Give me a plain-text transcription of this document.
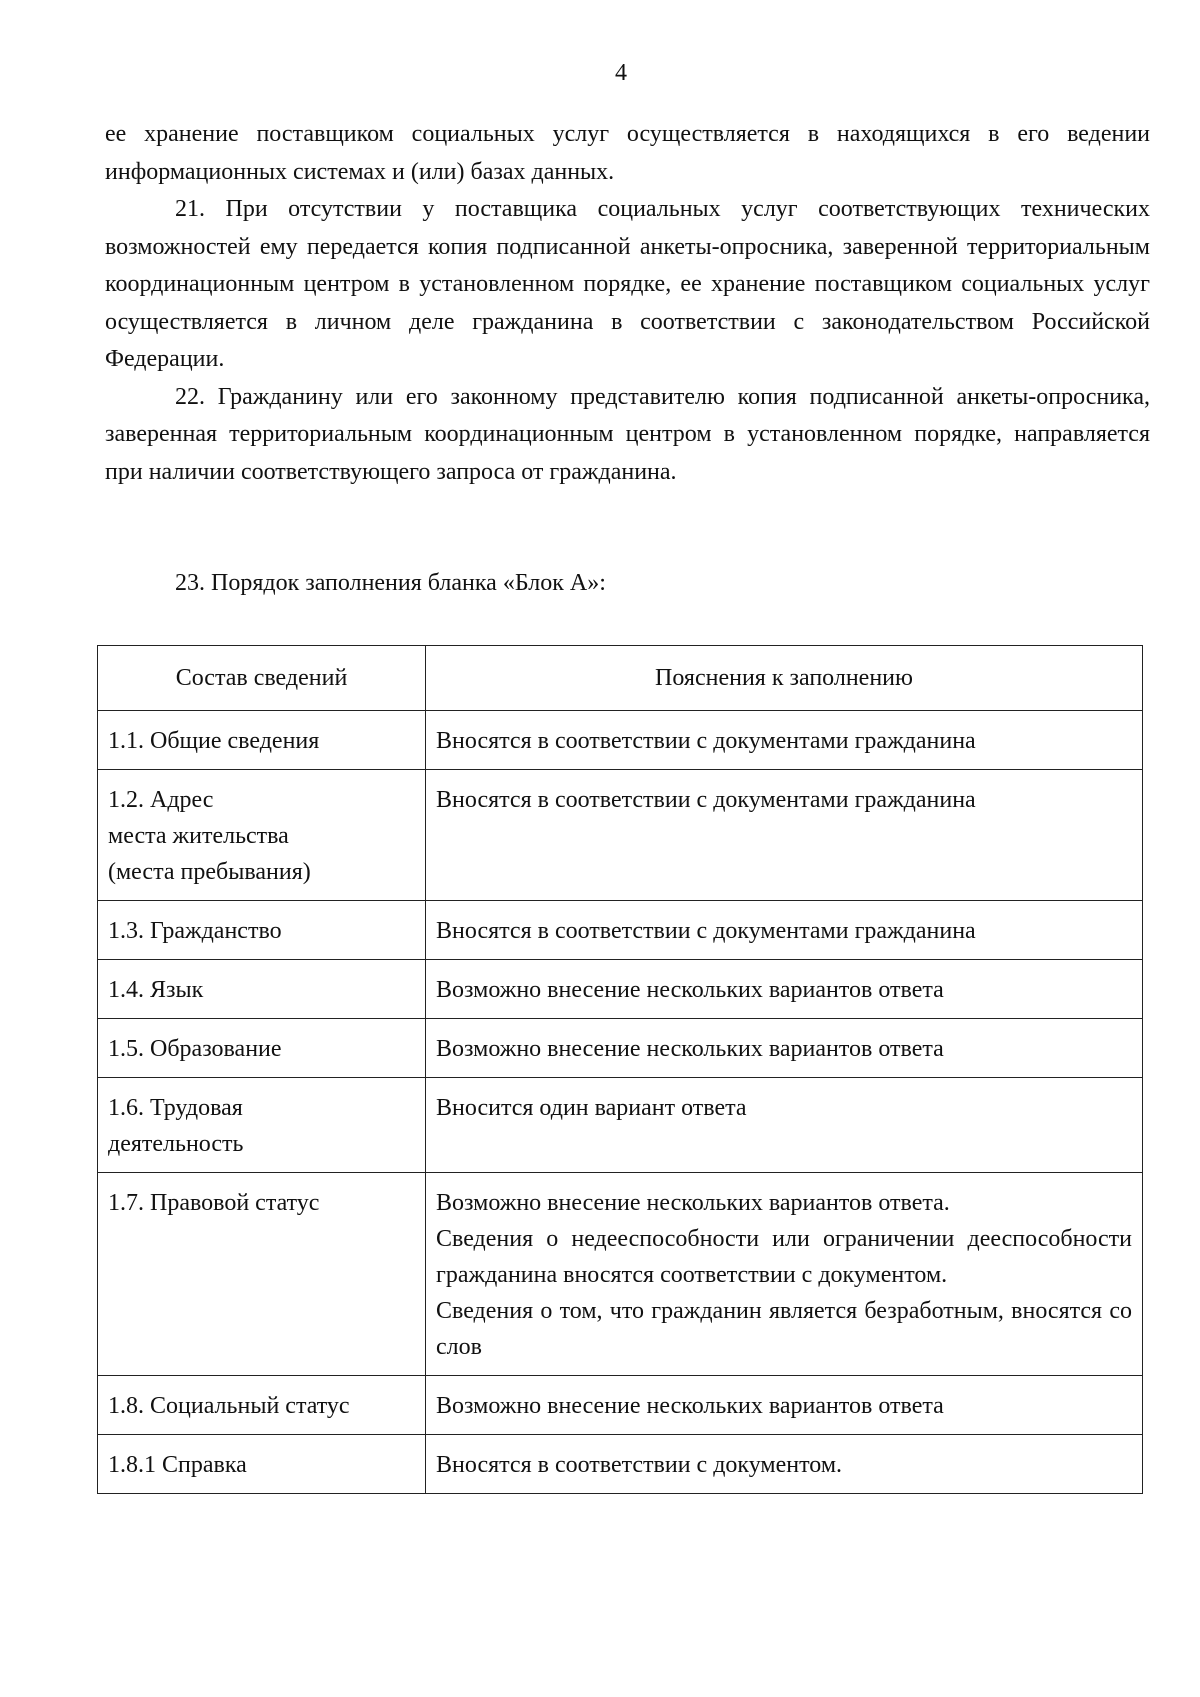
4

ее хранение поставщиком социальных услуг осуществляется в находящихся в его ведении информационных системах и (или) базах данных.

21. При отсутствии у поставщика социальных услуг соответствующих технических возможностей ему передается копия подписанной анкеты-опросника, заверенной территориальным координационным центром в установленном порядке, ее хранение поставщиком социальных услуг осуществляется в личном деле гражданина в соответствии с законодательством Российской Федерации.

22. Гражданину или его законному представителю копия подписанной анкеты-опросника, заверенная территориальным координационным центром в установленном порядке, направляется при наличии соответствующего запроса от гражданина.

23. Порядок заполнения бланка «Блок А»:
Состав сведений	Пояснения к заполнению
1.1. Общие сведения	Вносятся в соответствии с документами гражданина

1.2. Адрес
места жительства
(места пребывания)	Вносятся в соответствии с документами гражданина
1.3. Гражданство	Вносятся в соответствии с документами гражданина
1.4. Язык	Возможно внесение нескольких вариантов ответа
1.5. Образование	Возможно внесение нескольких вариантов ответа

1.6. Трудовая
деятельность	Вносится один вариант ответа
1.7. Правовой статус	Возможно внесение нескольких вариантов ответа.
Сведения о недееспособности или ограничении дееспособности гражданина вносятся соответствии с документом.
Сведения о том, что гражданин является безработным, вносятся со слов

1.8. Социальный статус	Возможно внесение нескольких вариантов ответа
1.8.1 Справка	Вносятся в соответствии с документом.
